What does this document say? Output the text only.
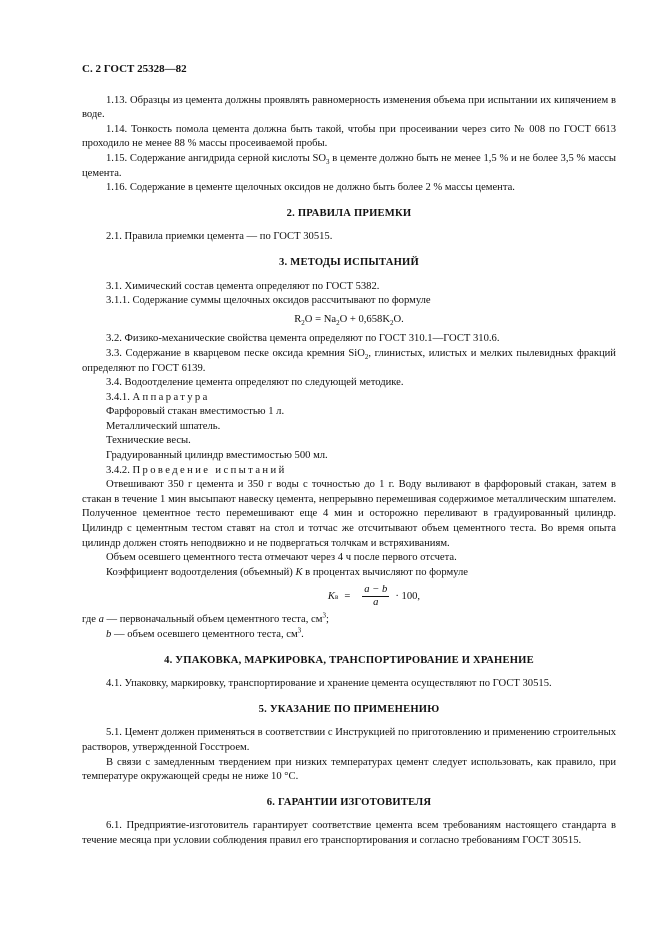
С. 2 ГОСТ 25328—82

1.13. Образцы из цемента должны проявлять равномерность изменения объема при испытании их кипячением в воде.

1.14. Тонкость помола цемента должна быть такой, чтобы при просеивании через сито № 008 по ГОСТ 6613 проходило не менее 88 % массы просеиваемой пробы.

1.15. Содержание ангидрида серной кислоты $SO_3$ в цементе должно быть не менее 1,5 % и не более 3,5 % массы цемента.

1.16. Содержание в цементе щелочных оксидов не должно быть более 2 % массы цемента.

2. ПРАВИЛА ПРИЕМКИ

2.1. Правила приемки цемента — по ГОСТ 30515.

3. МЕТОДЫ ИСПЫТАНИЙ

3.1. Химический состав цемента определяют по ГОСТ 5382.

3.1.1. Содержание суммы щелочных оксидов рассчитывают по формуле

$R_2O = Na_2O + 0,658K_2O$.

3.2. Физико-механические свойства цемента определяют по ГОСТ 310.1—ГОСТ 310.6.

3.3. Содержание в кварцевом песке оксида кремния SiO$_2$, глинистых, илистых и мелких пылевидных фракций определяют по ГОСТ 6139.

3.4. Водоотделение цемента определяют по следующей методике.

3.4.1. Аппаратура

Фарфоровый стакан вместимостью 1 л.

Металлический шпатель.

Технические весы.

Градуированный цилиндр вместимостью 500 мл.

3.4.2. Проведение испытаний

Отвешивают 350 г цемента и 350 г воды с точностью до 1 г. Воду выливают в фарфоровый стакан, затем в стакан в течение 1 мин высыпают навеску цемента, непрерывно перемешивая содержимое металлическим шпателем. Полученное цементное тесто перемешивают еще 4 мин и осторожно переливают в градуированный цилиндр. Цилиндр с цементным тестом ставят на стол и тотчас же отсчитывают объем цементного теста. Во время опыта цилиндр должен стоять неподвижно и не подвергаться толчкам и встряхиваниям.

Объем осевшего цементного теста отмечают через 4 ч после первого отсчета.

Коэффициент водоотделения (объемный) K в процентах вычисляют по формуле

K $в = \frac{a - b}{a} \cdot 100$,

где a — первоначальный объем цементного теста, $см^3$;

b — объем осевшего цементного теста, $см^3$.

4. УПАКОВКА, МАРКИРОВКА, ТРАНСПОРТИРОВАНИЕ И ХРАНЕНИЕ

4.1. Упаковку, маркировку, транспортирование и хранение цемента осуществляют по ГОСТ 30515.

5. УКАЗАНИЕ ПО ПРИМЕНЕНИЮ

5.1. Цемент должен применяться в соответствии с Инструкцией по приготовлению и применению строительных растворов, утвержденной Госстроем.

В связи с замедленным твердением при низких температурах цемент следует использовать, как правило, при температуре окружающей среды не ниже 10 °С.

6. ГАРАНТИИ ИЗГОТОВИТЕЛЯ

6.1. Предприятие-изготовитель гарантирует соответствие цемента всем требованиям настоящего стандарта в течение месяца при условии соблюдения правил его транспортирования и согласно требованиям ГОСТ 30515.
